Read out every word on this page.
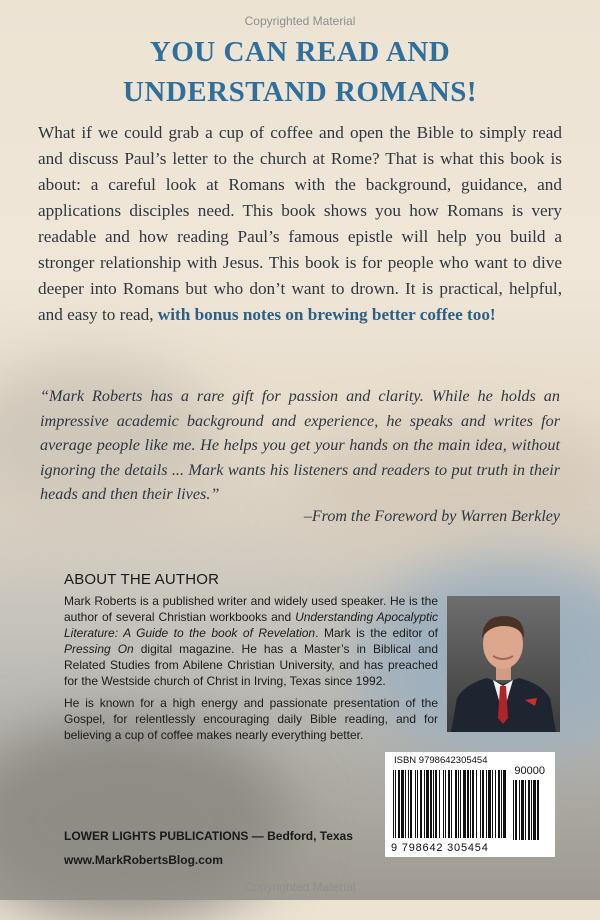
Copyrighted Material
YOU CAN READ AND
UNDERSTAND ROMANS!

What if we could grab a cup of coffee and open the Bible to simply read and discuss Paul’s letter to the church at Rome? That is what this book is about: a careful look at Romans with the background, guidance, and applications disciples need. This book shows you how Romans is very readable and how reading Paul’s famous epistle will help you build a stronger relationship with Jesus. This book is for people who want to dive deeper into Romans but who don’t want to drown. It is practical, helpful, and easy to read, with bonus notes on brewing better coffee too!

“Mark Roberts has a rare gift for passion and clarity. While he holds an impressive academic background and experience, he speaks and writes for average people like me. He helps you get your hands on the main idea, without ignoring the details ... Mark wants his listeners and readers to put truth in their heads and then their lives.”

–From the Foreword by Warren Berkley

ABOUT THE AUTHOR

Mark Roberts is a published writer and widely used speaker. He is the author of several Christian workbooks and Understanding Apocalyptic Literature: A Guide to the book of Revelation. Mark is the editor of Pressing On digital magazine. He has a Master’s in Biblical and Related Studies from Abilene Christian University, and has preached for the Westside church of Christ in Irving, Texas since 1992.

He is known for a high energy and passionate presentation of the Gospel, for relentlessly encouraging daily Bible reading, and for believing a cup of coffee makes nearly everything better.

ISBN 9798642305454
90000
9 798642 305454

LOWER LIGHTS PUBLICATIONS — Bedford, Texas

www.MarkRobertsBlog.com

Copyrighted Material
